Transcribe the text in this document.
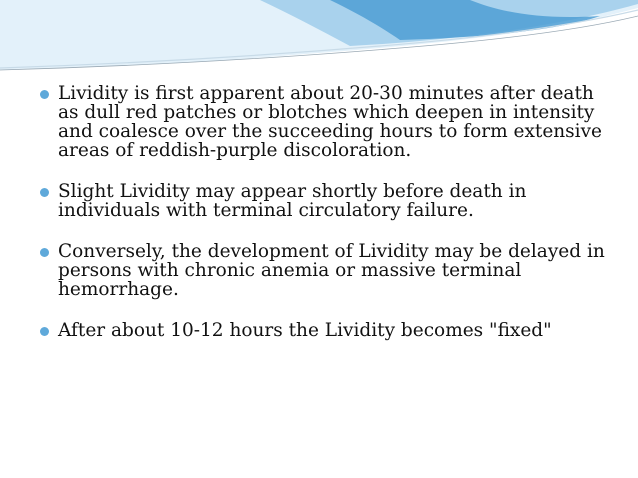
Lividity is first apparent about 20-30 minutes after death as dull red patches or blotches which deepen in intensity and coalesce over the succeeding hours to form extensive areas of reddish-purple discoloration.
Slight Lividity may appear shortly before death in individuals with terminal circulatory failure.
Conversely, the development of Lividity may be delayed in persons with chronic anemia or massive terminal hemorrhage.
After about 10-12 hours the Lividity becomes "fixed"
